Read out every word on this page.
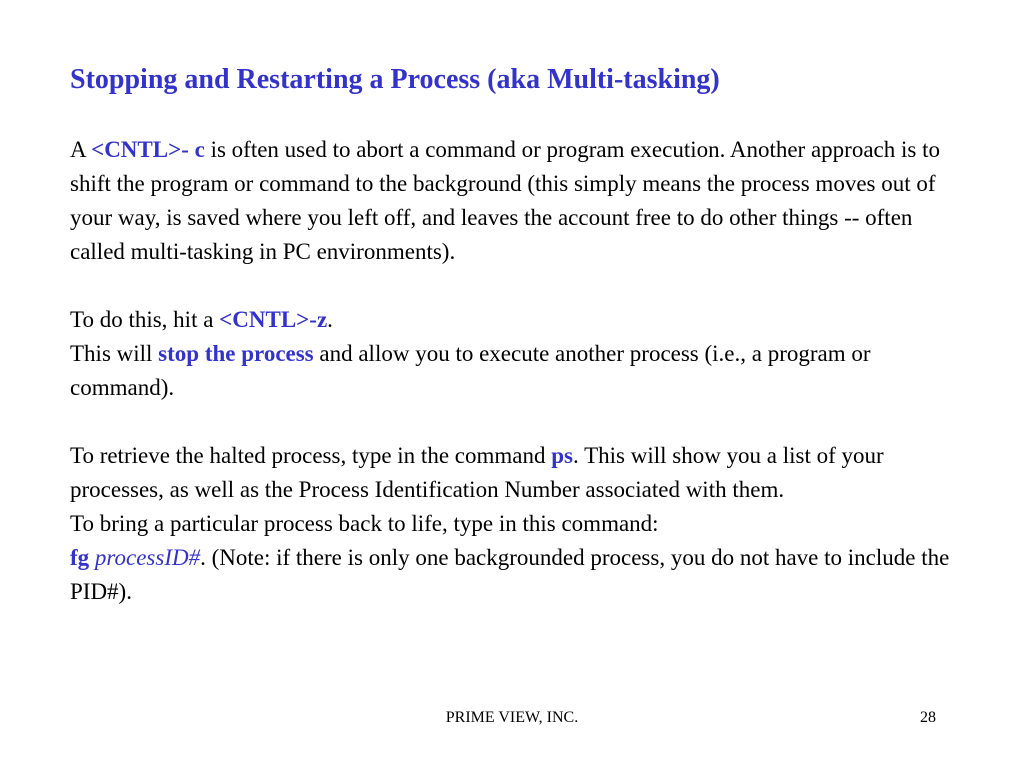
Stopping and Restarting a Process (aka Multi-tasking)

A <CNTL>- c is often used to abort a command or program execution. Another approach is to shift the program or command to the background (this simply means the process moves out of your way, is saved where you left off, and leaves the account free to do other things -- often called multi-tasking in PC environments).

To do this, hit a <CNTL>-z.

This will stop the process and allow you to execute another process (i.e., a program or command).

To retrieve the halted process, type in the command ps. This will show you a list of your processes, as well as the Process Identification Number associated with them.

To bring a particular process back to life, type in this command:

fg processID#. (Note: if there is only one backgrounded process, you do not have to include the PID#).

PRIME VIEW, INC.	28
